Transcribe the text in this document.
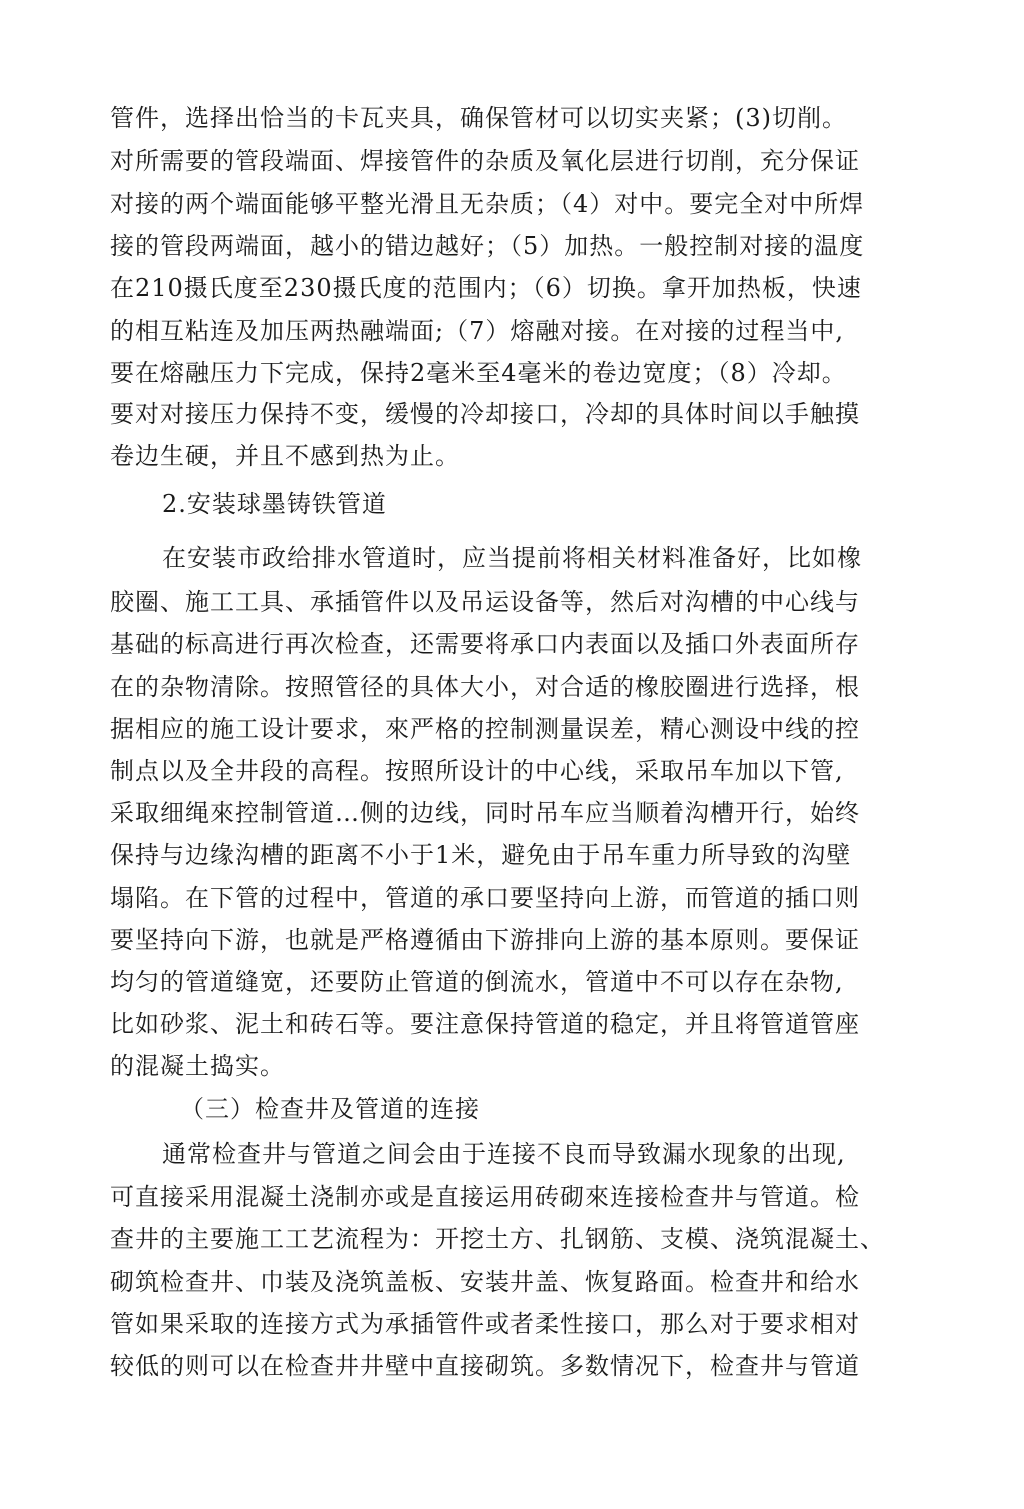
管件，选择出恰当的卡瓦夹具，确保管材可以切实夹紧；(3)切削。
对所需要的管段端面、焊接管件的杂质及氧化层进行切削，充分保证
对接的两个端面能够平整光滑且无杂质；（4）对中。要完全对中所焊
接的管段两端面，越小的错边越好；（5）加热。一般控制对接的温度
在210摄氏度至230摄氏度的范围内；（6）切换。拿开加热板，快速
的相互粘连及加压两热融端面;（7）熔融对接。在对接的过程当中,
要在熔融压力下完成，保持2毫米至4毫米的卷边宽度；（8）冷却。
要对对接压力保持不变，缓慢的冷却接口，冷却的具体时间以手触摸
卷边生硬，并且不感到热为止。
2.安装球墨铸铁管道
在安装市政给排水管道时，应当提前将相关材料准备好，比如橡
胶圈、施工工具、承插管件以及吊运设备等，然后对沟槽的中心线与
基础的标高进行再次检查，还需要将承口内表面以及插口外表面所存
在的杂物清除。按照管径的具体大小，对合适的橡胶圈进行选择，根
据相应的施工设计要求，來严格的控制测量误差，精心测设中线的控
制点以及全井段的高程。按照所设计的中心线，采取吊车加以下管,
采取细绳來控制管道…侧的边线，同时吊车应当顺着沟槽开行，始终
保持与边缘沟槽的距离不小于1米，避免由于吊车重力所导致的沟壁
塌陷。在下管的过程中，管道的承口要坚持向上游，而管道的插口则
要坚持向下游，也就是严格遵循由下游排向上游的基本原则。要保证
均匀的管道缝宽，还要防止管道的倒流水，管道中不可以存在杂物,
比如砂浆、泥土和砖石等。要注意保持管道的稳定，并且将管道管座
的混凝土捣实。
（三）检查井及管道的连接
通常检查井与管道之间会由于连接不良而导致漏水现象的出现,
可直接采用混凝土浇制亦或是直接运用砖砌來连接检查井与管道。检
查井的主要施工工艺流程为：开挖土方、扎钢筋、支模、浇筑混凝土、
砌筑检查井、巾装及浇筑盖板、安装井盖、恢复路面。检查井和给水
管如果采取的连接方式为承插管件或者柔性接口，那么对于要求相对
较低的则可以在检查井井壁中直接砌筑。多数情况下，检查井与管道
